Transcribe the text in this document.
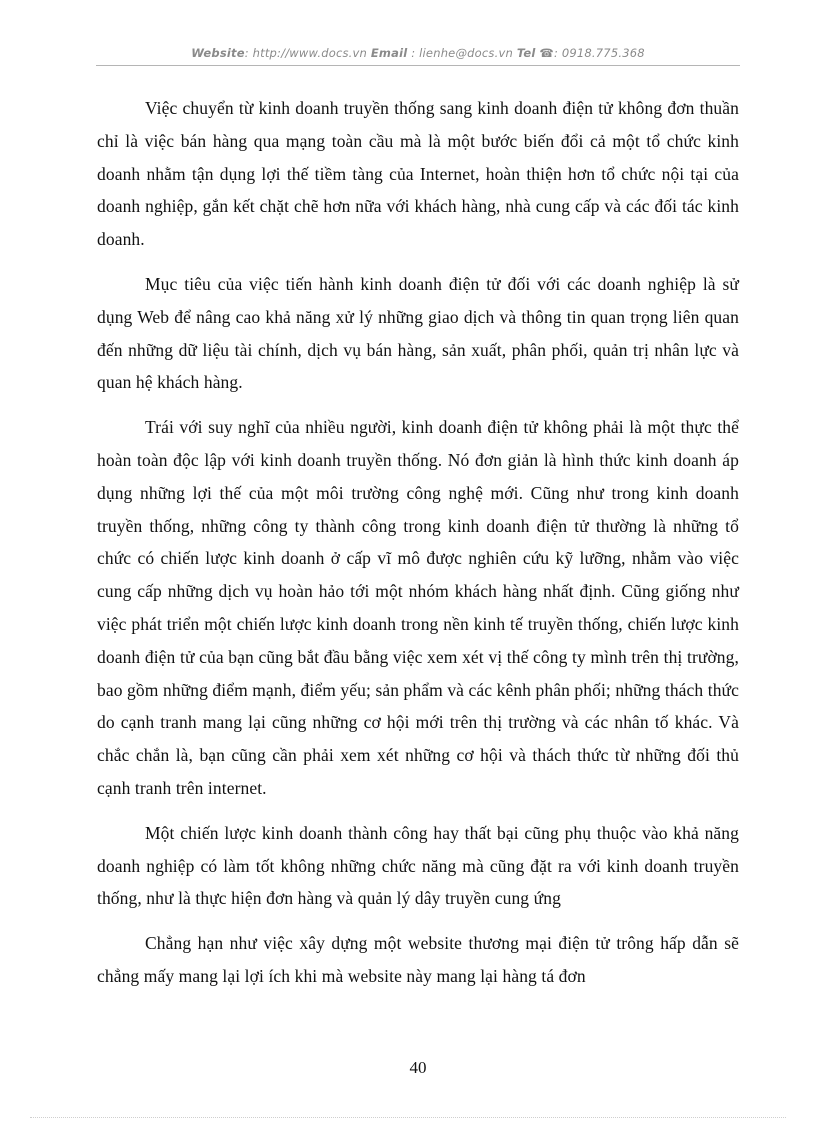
Website: http://www.docs.vn Email : lienhe@docs.vn Tel ☎: 0918.775.368

Việc chuyển từ kinh doanh truyền thống sang kinh doanh điện tử không đơn thuần chỉ là việc bán hàng qua mạng toàn cầu mà là một bước biến đổi cả một tổ chức kinh doanh nhằm tận dụng lợi thế tiềm tàng của Internet, hoàn thiện hơn tổ chức nội tại của doanh nghiệp, gắn kết chặt chẽ hơn nữa với khách hàng, nhà cung cấp và các đối tác kinh doanh.

Mục tiêu của việc tiến hành kinh doanh điện tử đối với các doanh nghiệp là sử dụng Web để nâng cao khả năng xử lý những giao dịch và thông tin quan trọng liên quan đến những dữ liệu tài chính, dịch vụ bán hàng, sản xuất, phân phối, quản trị nhân lực và quan hệ khách hàng.

Trái với suy nghĩ của nhiều người, kinh doanh điện tử không phải là một thực thể hoàn toàn độc lập với kinh doanh truyền thống. Nó đơn giản là hình thức kinh doanh áp dụng những lợi thế của một môi trường công nghệ mới. Cũng như trong kinh doanh truyền thống, những công ty thành công trong kinh doanh điện tử thường là những tổ chức có chiến lược kinh doanh ở cấp vĩ mô được nghiên cứu kỹ lưỡng, nhằm vào việc cung cấp những dịch vụ hoàn hảo tới một nhóm khách hàng nhất định. Cũng giống như việc phát triển một chiến lược kinh doanh trong nền kinh tế truyền thống, chiến lược kinh doanh điện tử của bạn cũng bắt đầu bằng việc xem xét vị thế công ty mình trên thị trường, bao gồm những điểm mạnh, điểm yếu; sản phẩm và các kênh phân phối; những thách thức do cạnh tranh mang lại cũng những cơ hội mới trên thị trường và các nhân tố khác. Và chắc chắn là, bạn cũng cần phải xem xét những cơ hội và thách thức từ những đối thủ cạnh tranh trên internet.

Một chiến lược kinh doanh thành công hay thất bại cũng phụ thuộc vào khả năng doanh nghiệp có làm tốt không những chức năng mà cũng đặt ra với kinh doanh truyền thống, như là thực hiện đơn hàng và quản lý dây truyền cung ứng

Chẳng hạn như việc xây dựng một website thương mại điện tử trông hấp dẫn sẽ chẳng mấy mang lại lợi ích khi mà website này mang lại hàng tá đơn

40
